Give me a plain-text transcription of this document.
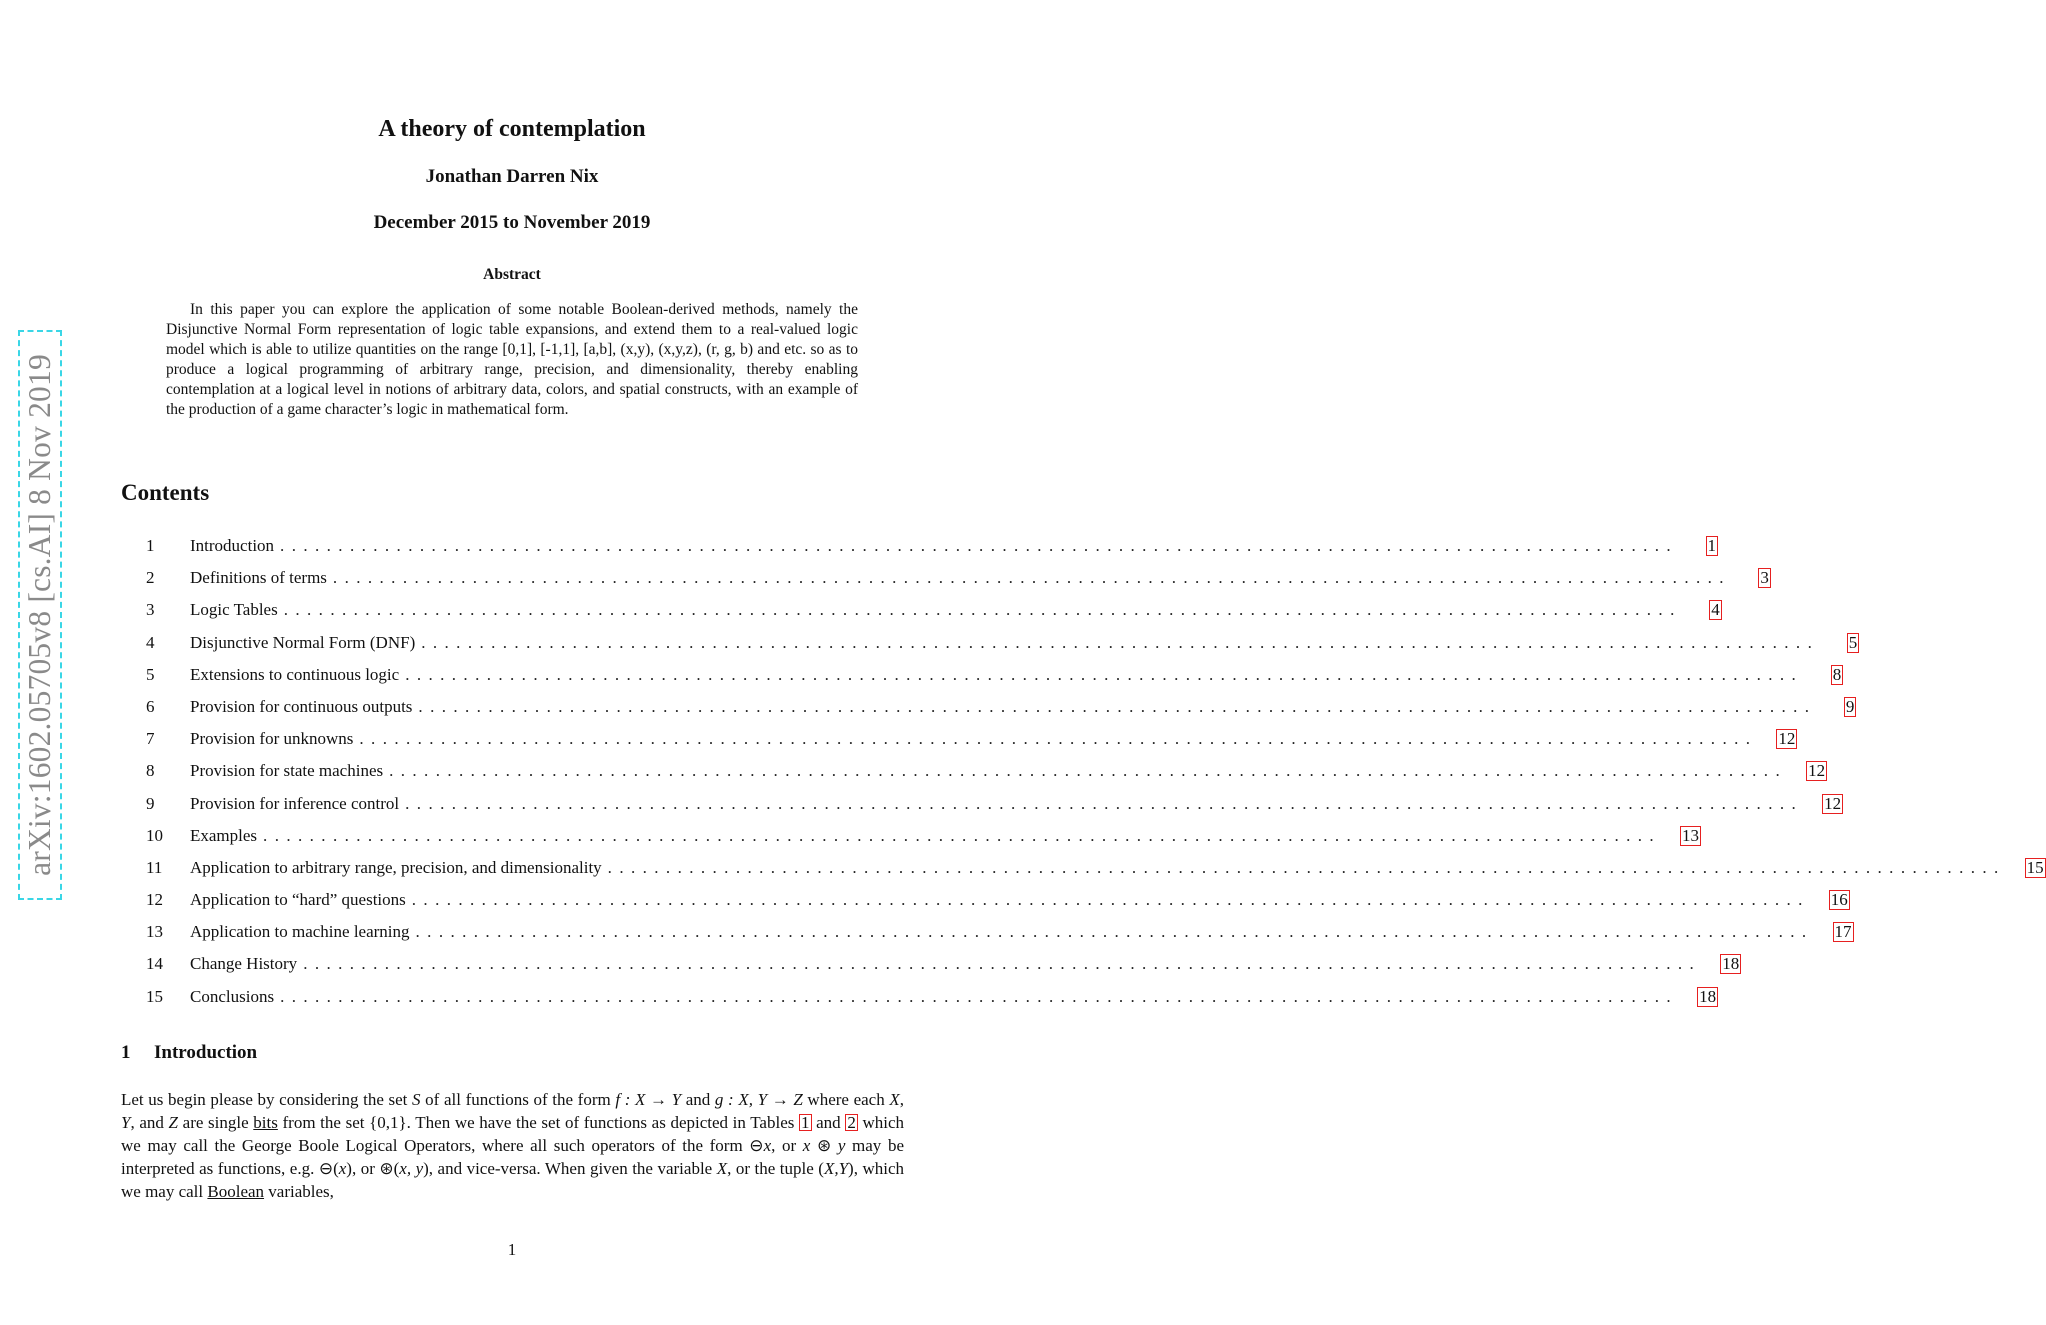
arXiv:1602.05705v8 [cs.AI] 8 Nov 2019
A theory of contemplation
Jonathan Darren Nix
December 2015 to November 2019
Abstract

In this paper you can explore the application of some notable Boolean-derived methods, namely the Disjunctive Normal Form representation of logic table expansions, and extend them to a real-valued logic model which is able to utilize quantities on the range [0,1], [-1,1], [a,b], (x,y), (x,y,z), (r, g, b) and etc. so as to produce a logical programming of arbitrary range, precision, and dimensionality, thereby enabling contemplation at a logical level in notions of arbitrary data, colors, and spatial constructs, with an example of the production of a game character’s logic in mathematical form.

Contents
1	Introduction ........................................................................................................................	1
2	Definitions of terms ........................................................................................................................	3
3	Logic Tables ........................................................................................................................	4
4	Disjunctive Normal Form (DNF) ........................................................................................................................	5
5	Extensions to continuous logic ........................................................................................................................	8
6	Provision for continuous outputs ........................................................................................................................	9
7	Provision for unknowns ........................................................................................................................	12
8	Provision for state machines ........................................................................................................................	12
9	Provision for inference control ........................................................................................................................	12
10	Examples ........................................................................................................................	13
11	Application to arbitrary range, precision, and dimensionality ........................................................................................................................	15
12	Application to “hard” questions ........................................................................................................................	16
13	Application to machine learning ........................................................................................................................	17
14	Change History ........................................................................................................................	18
15	Conclusions ........................................................................................................................	18
1 Introduction

Let us begin please by considering the set S of all functions of the form f : X → Y and g : X, Y → Z where each X, Y, and Z are single bits from the set {0,1}. Then we have the set of functions as depicted in Tables 1 and 2 which we may call the George Boole Logical Operators, where all such operators of the form ⊖x, or x ⊛ y may be interpreted as functions, e.g. ⊖(x), or ⊛(x, y), and vice-versa. When given the variable X, or the tuple (X,Y), which we may call Boolean variables,

1
